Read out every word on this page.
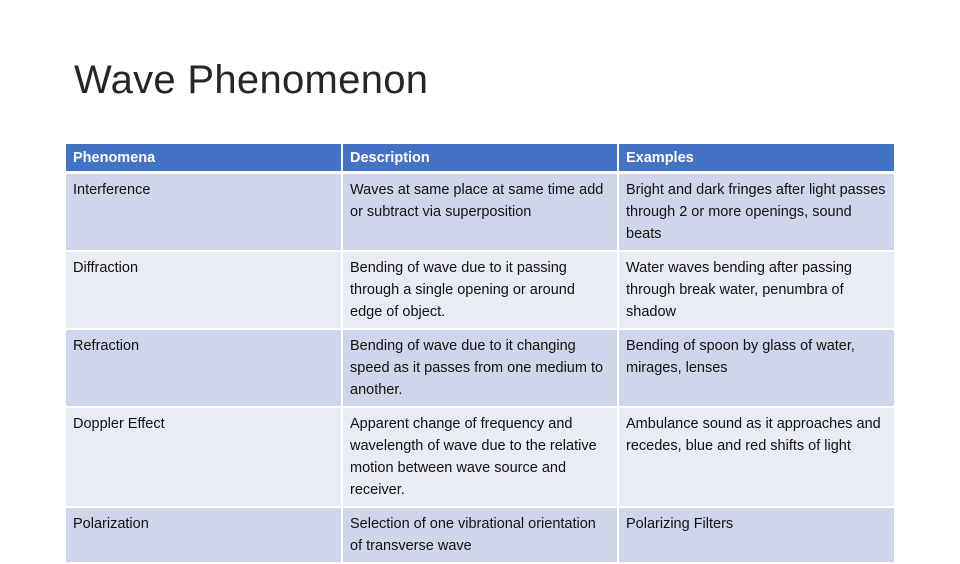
Wave Phenomenon
Phenomena	Description	Examples
Interference	Waves at same place at same time add or subtract via superposition	Bright and dark fringes after light passes through 2 or more openings, sound beats
Diffraction	Bending of wave due to it passing through a single opening or around edge of object.	Water waves bending after passing through break water, penumbra of shadow
Refraction	Bending of wave due to it changing speed as it passes from one medium to another.	Bending of spoon by glass of water, mirages, lenses
Doppler Effect	Apparent change of frequency and wavelength of wave due to the relative motion between wave source and receiver.	Ambulance sound as it approaches and recedes, blue and red shifts of light
Polarization	Selection of one vibrational orientation of transverse wave	Polarizing Filters
